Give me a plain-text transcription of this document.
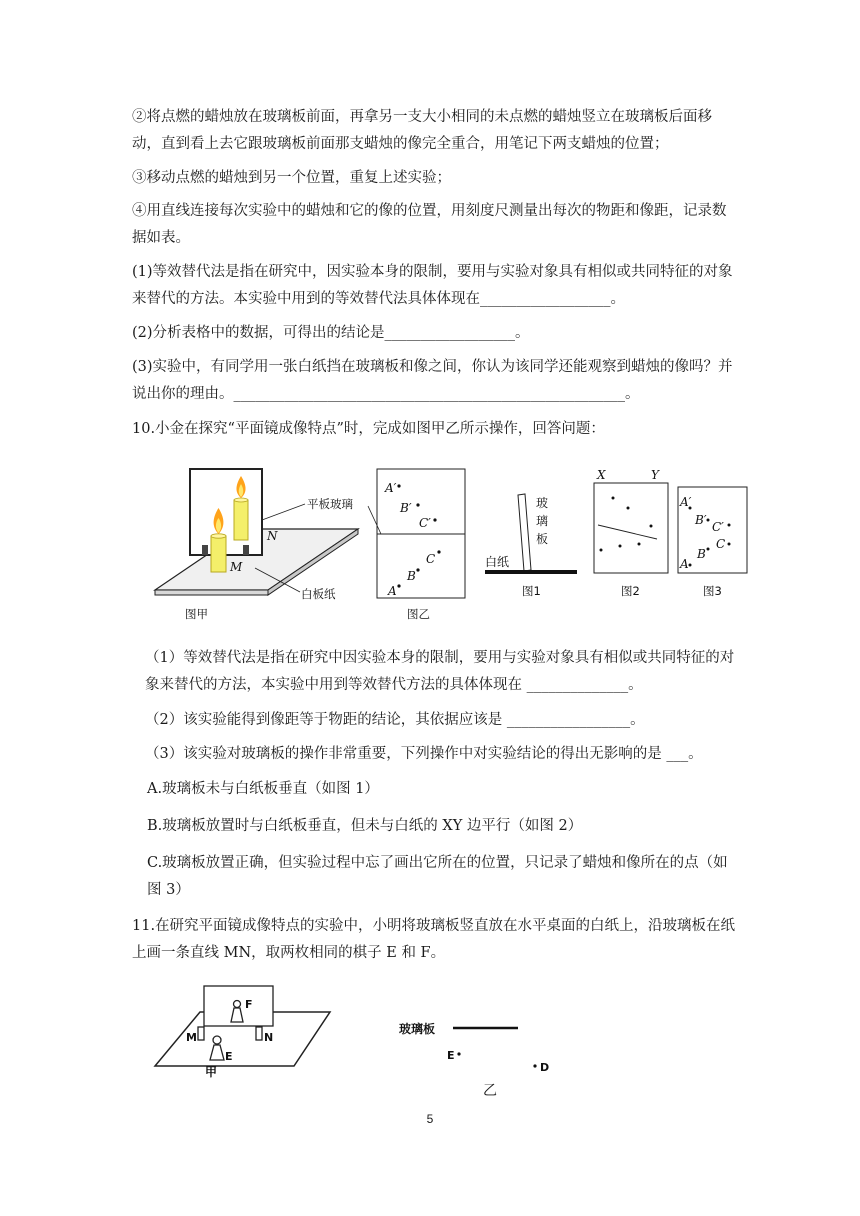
②将点燃的蜡烛放在玻璃板前面，再拿另一支大小相同的未点燃的蜡烛竖立在玻璃板后面移动，直到看上去它跟玻璃板前面那支蜡烛的像完全重合，用笔记下两支蜡烛的位置；

③移动点燃的蜡烛到另一个位置，重复上述实验；

④用直线连接每次实验中的蜡烛和它的像的位置，用刻度尺测量出每次的物距和像距，记录数据如表。

(1)等效替代法是指在研究中，因实验本身的限制，要用与实验对象具有相似或共同特征的对象来替代的方法。本实验中用到的等效替代法具体体现在__________________。

(2)分析表格中的数据，可得出的结论是__________________。

(3)实验中，有同学用一张白纸挡在玻璃板和像之间，你认为该同学还能观察到蜡烛的像吗？并说出你的理由。______________________________________________________。

10.小金在探究“平面镜成像特点”时，完成如图甲乙所示操作，回答问题：

平板玻璃
N
M
白板纸
图甲
A′
B′
C′
A
B
C
图乙
玻
璃
板
白纸
图1
X	Y
图2
A′
B′ C′
C
B
A
图3

（1）等效替代法是指在研究中因实验本身的限制，要用与实验对象具有相似或共同特征的对象来替代的方法，本实验中用到等效替代方法的具体体现在 ______________。

（2）该实验能得到像距等于物距的结论，其依据应该是 _________________。

（3）该实验对玻璃板的操作非常重要，下列操作中对实验结论的得出无影响的是 ___。

A.玻璃板未与白纸板垂直（如图 1）

B.玻璃板放置时与白纸板垂直，但未与白纸的 XY 边平行（如图 2）

C.玻璃板放置正确，但实验过程中忘了画出它所在的位置，只记录了蜡烛和像所在的点（如图 3）

11.在研究平面镜成像特点的实验中，小明将玻璃板竖直放在水平桌面的白纸上，沿玻璃板在纸上画一条直线 MN，取两枚相同的棋子 E 和 F。

M	N
F
E
甲
玻璃板
E
D
乙
5
